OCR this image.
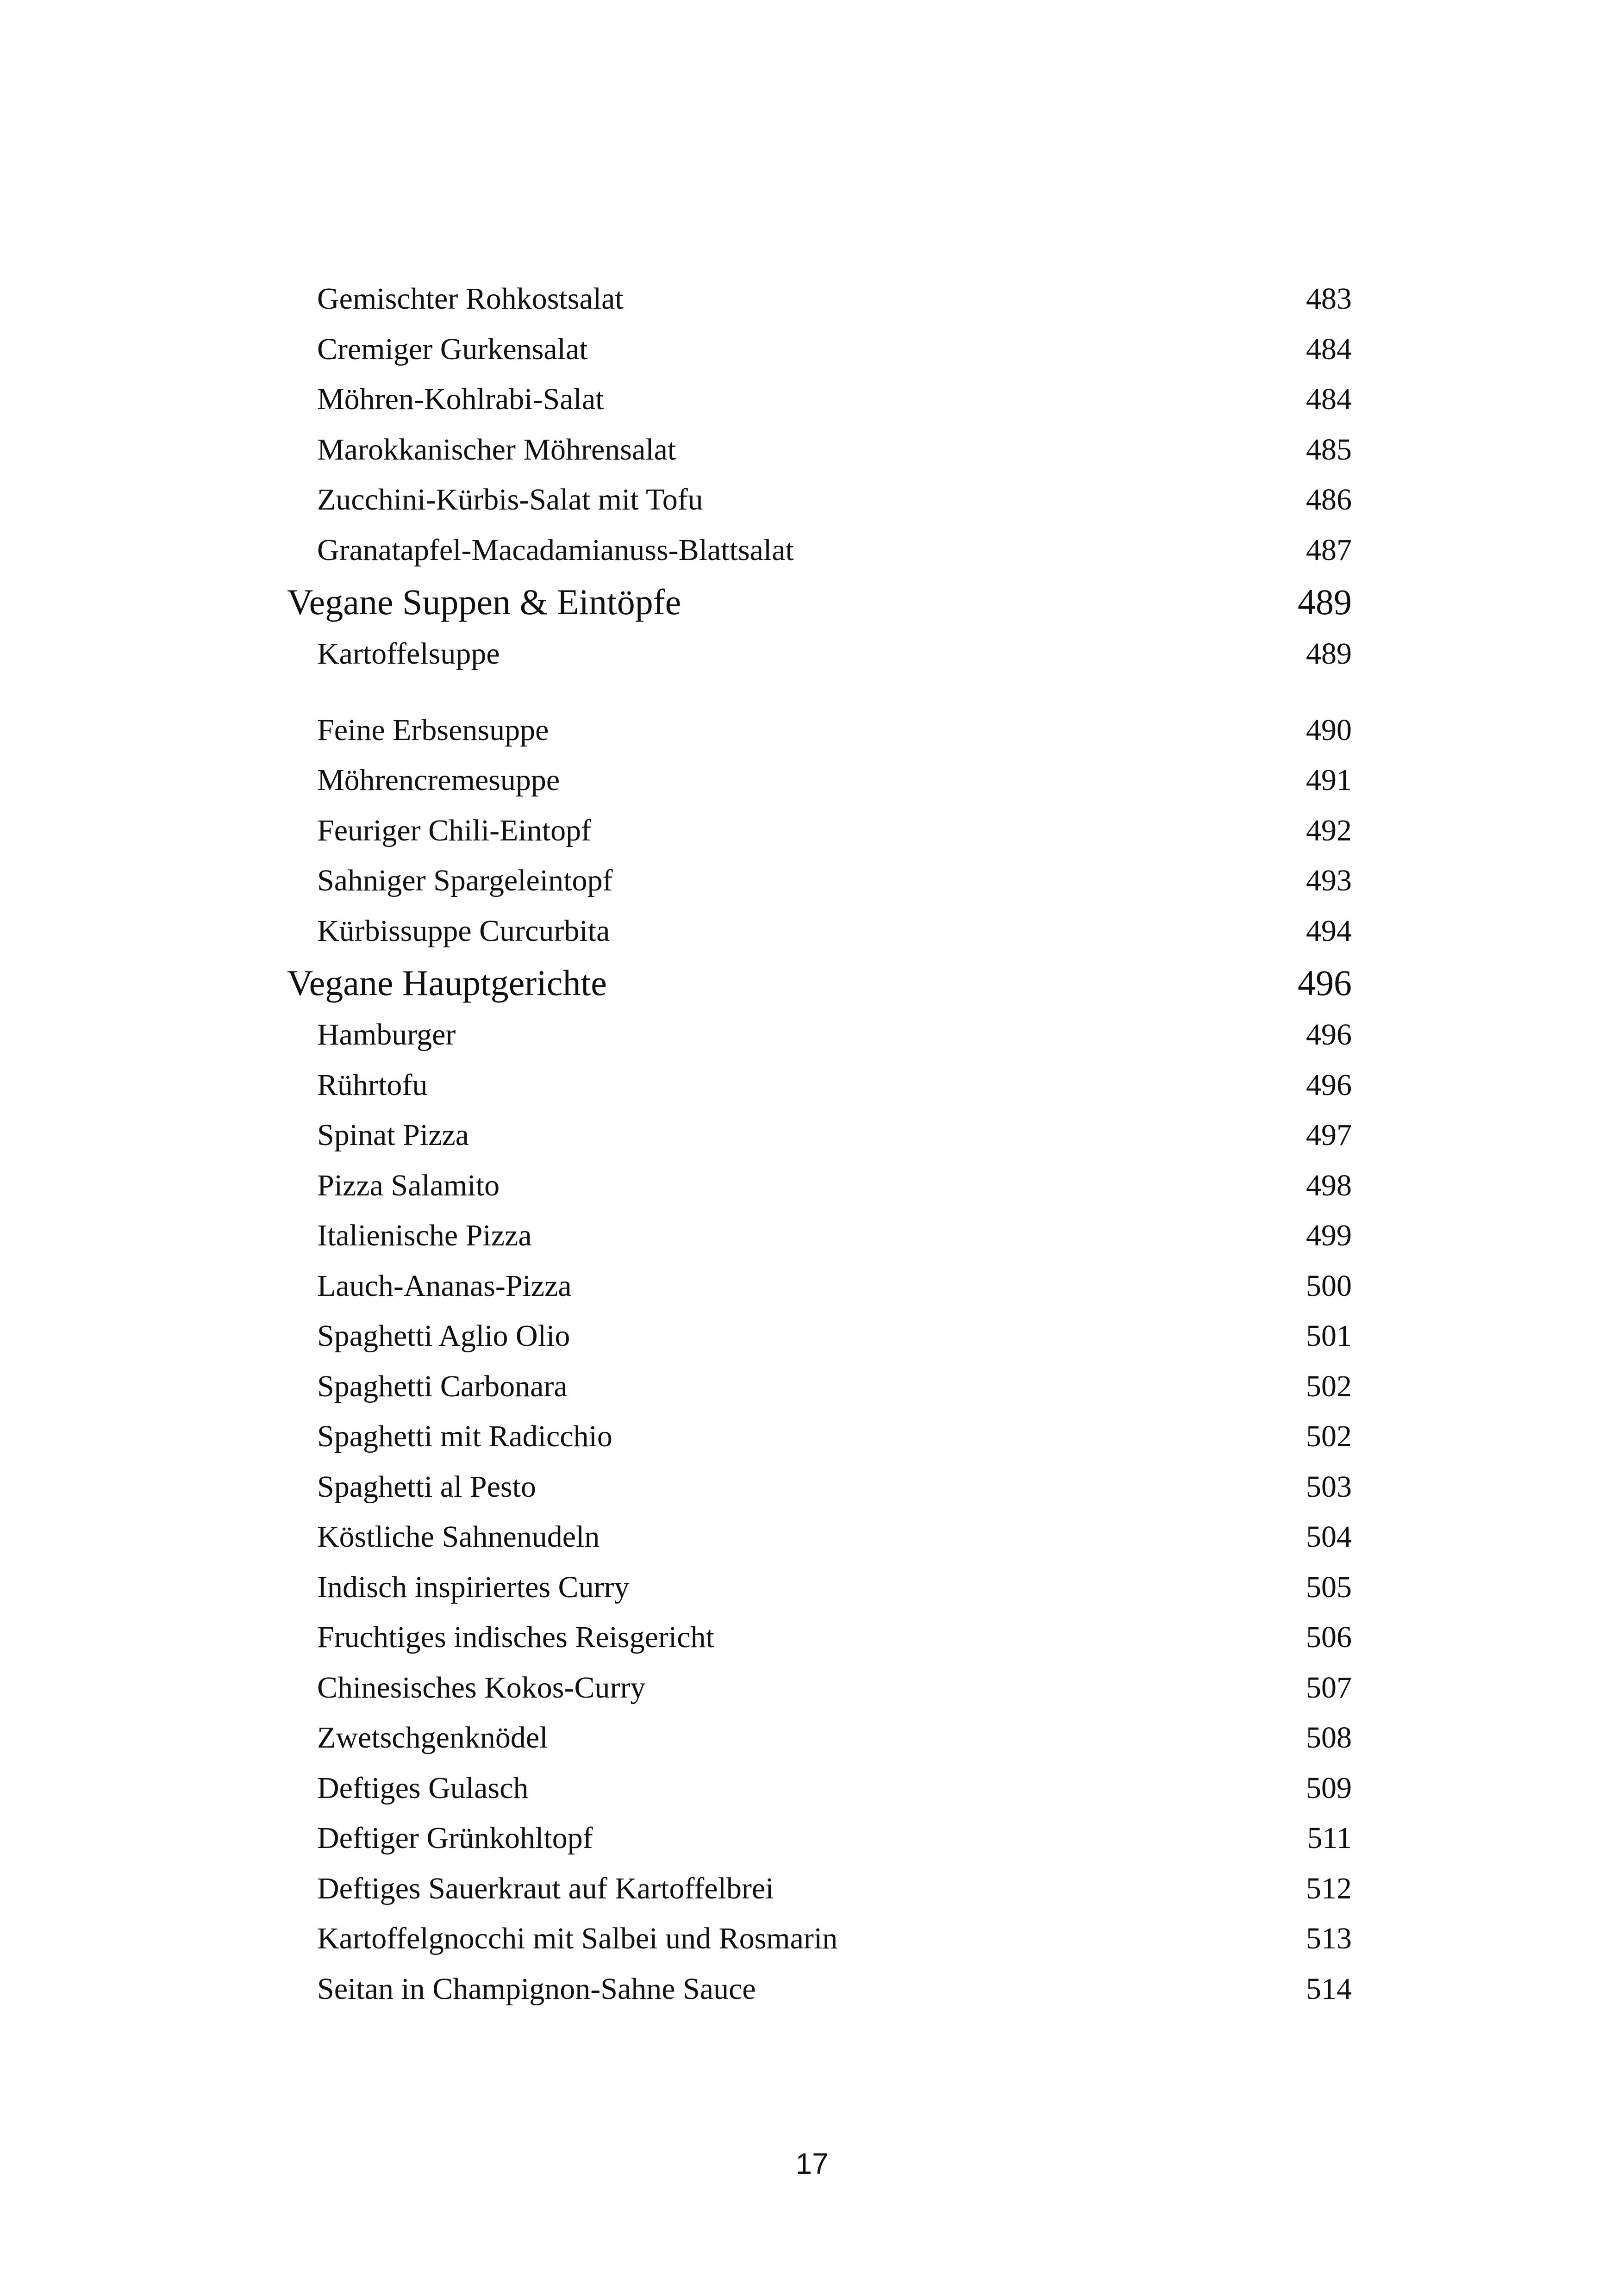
Gemischter Rohkostsalat	483
Cremiger Gurkensalat	484
Möhren-Kohlrabi-Salat	484
Marokkanischer Möhrensalat	485
Zucchini-Kürbis-Salat mit Tofu	486
Granatapfel-Macadamianuss-Blattsalat	487
Vegane Suppen & Eintöpfe	489
Kartoffelsuppe	489
Feine Erbsensuppe	490
Möhrencremesuppe	491
Feuriger Chili-Eintopf	492
Sahniger Spargeleintopf	493
Kürbissuppe Curcurbita	494
Vegane Hauptgerichte	496
Hamburger	496
Rührtofu	496
Spinat Pizza	497
Pizza Salamito	498
Italienische Pizza	499
Lauch-Ananas-Pizza	500
Spaghetti Aglio Olio	501
Spaghetti Carbonara	502
Spaghetti mit Radicchio	502
Spaghetti al Pesto	503
Köstliche Sahnenudeln	504
Indisch inspiriertes Curry	505
Fruchtiges indisches Reisgericht	506
Chinesisches Kokos-Curry	507
Zwetschgenknödel	508
Deftiges Gulasch	509
Deftiger Grünkohltopf	511
Deftiges Sauerkraut auf Kartoffelbrei	512
Kartoffelgnocchi mit Salbei und Rosmarin	513
Seitan in Champignon-Sahne Sauce	514
17
